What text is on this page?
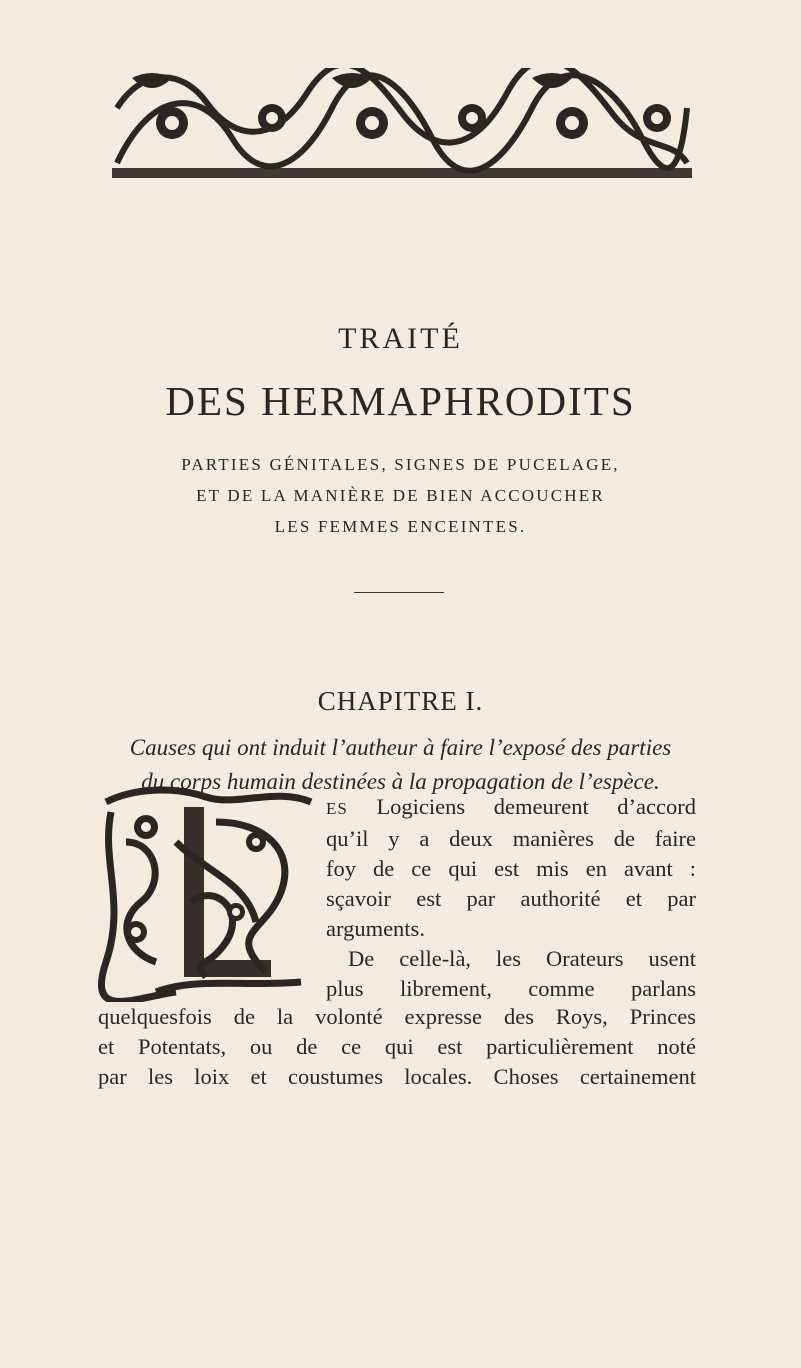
TRAITÉ
DES HERMAPHRODITS
PARTIES GÉNITALES, SIGNES DE PUCELAGE,
ET DE LA MANIÈRE DE BIEN ACCOUCHER
LES FEMMES ENCEINTES.
CHAPITRE I.
Causes qui ont induit l’autheur à faire l’exposé des parties
du corps humain destinées à la propagation de l’espèce.
L
ES Logiciens demeurent d’accord
qu’il y a deux manières de faire
foy de ce qui est mis en avant :
sçavoir est par authorité et par
arguments.
De celle-là, les Orateurs usent
plus librement, comme parlans
quelquesfois de la volonté expresse des Roys, Princes
et Potentats, ou de ce qui est particulièrement noté
par les loix et coustumes locales. Choses certainement
